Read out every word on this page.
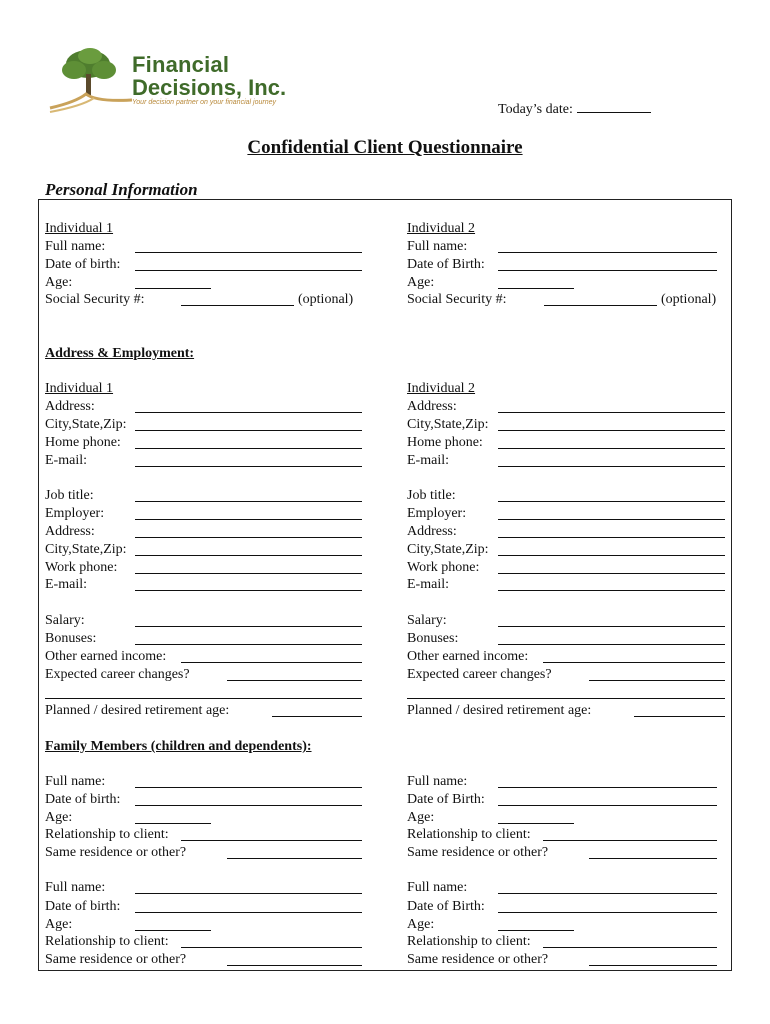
Financial
Decisions, Inc.
Your decision partner on your financial journey	Today’s date:
Confidential Client Questionnaire
Personal Information
Individual 1
Full name:
Date of birth:
Age:
Social Security #:	(optional)
Individual 2
Full name:
Date of Birth:
Age:
Social Security #:	(optional)
Address & Employment:
Individual 1
Address:
City,State,Zip:
Home phone:
E-mail:
Job title:
Employer:
Address:
City,State,Zip:
Work phone:
E-mail:
Salary:
Bonuses:
Other earned income:
Expected career changes?
Planned / desired retirement age:
Individual 2
Address:
City,State,Zip:
Home phone:
E-mail:
Job title:
Employer:
Address:
City,State,Zip:
Work phone:
E-mail:
Salary:
Bonuses:
Other earned income:
Expected career changes?
Planned / desired retirement age:
Family Members (children and dependents):
Full name:
Date of birth:
Age:
Relationship to client:
Same residence or other?
Full name:
Date of Birth:
Age:
Relationship to client:
Same residence or other?
Full name:
Date of birth:
Age:
Relationship to client:
Same residence or other?
Full name:
Date of Birth:
Age:
Relationship to client:
Same residence or other?
